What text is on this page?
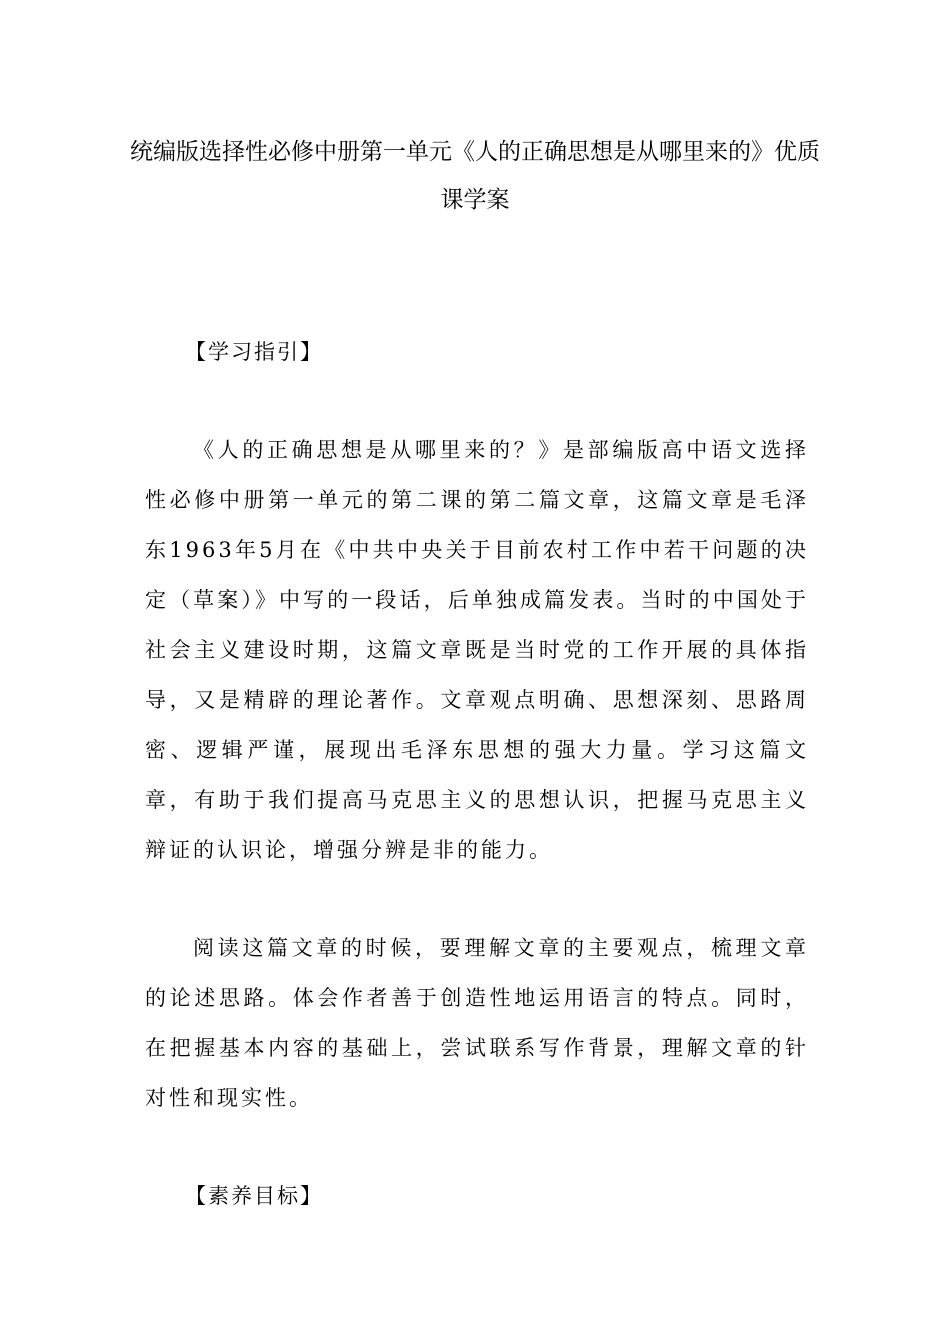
统编版选择性必修中册第一单元《人的正确思想是从哪里来的》优质课学案
【学习指引】
《人的正确思想是从哪里来的？》是部编版高中语文选择性必修中册第一单元的第二课的第二篇文章，这篇文章是毛泽东1963年5月在《中共中央关于目前农村工作中若干问题的决定（草案）》中写的一段话，后单独成篇发表。当时的中国处于社会主义建设时期，这篇文章既是当时党的工作开展的具体指导，又是精辟的理论著作。文章观点明确、思想深刻、思路周密、逻辑严谨，展现出毛泽东思想的强大力量。学习这篇文章，有助于我们提高马克思主义的思想认识，把握马克思主义辩证的认识论，增强分辨是非的能力。
阅读这篇文章的时候，要理解文章的主要观点，梳理文章的论述思路。体会作者善于创造性地运用语言的特点。同时，在把握基本内容的基础上，尝试联系写作背景，理解文章的针对性和现实性。
【素养目标】
